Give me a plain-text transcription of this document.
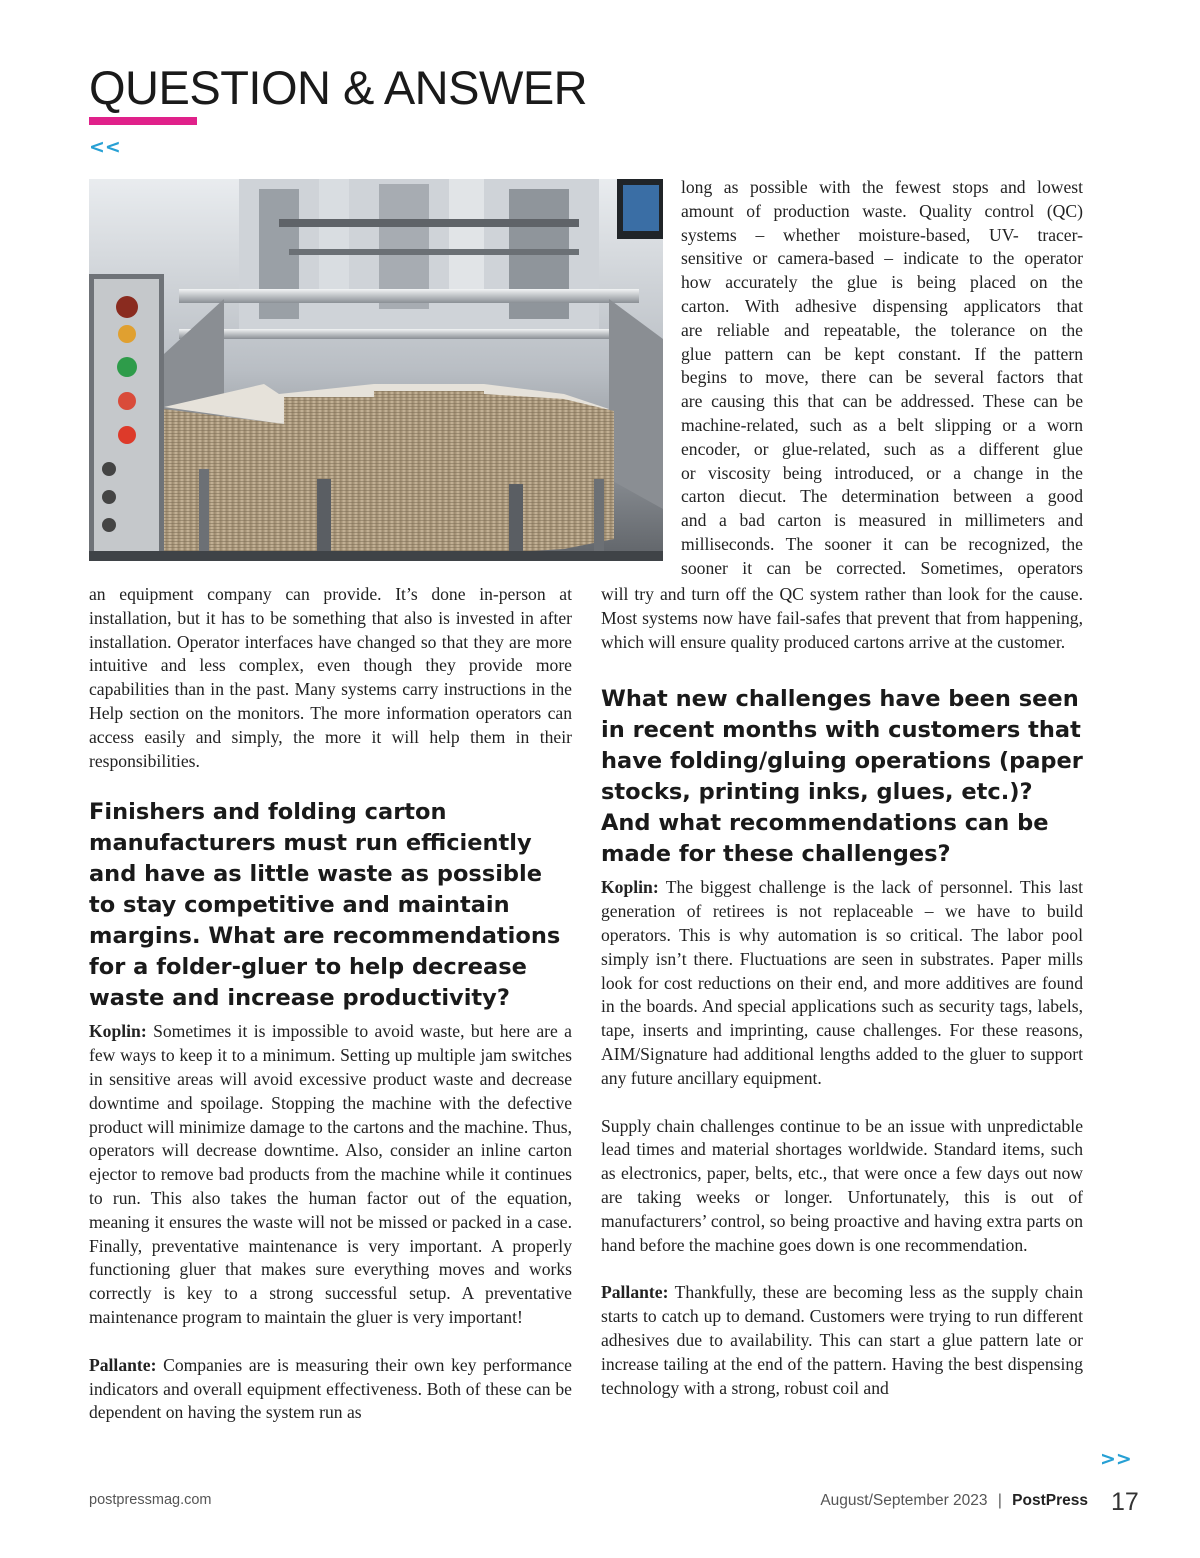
QUESTION & ANSWER
<<

long as possible with the fewest stops and lowest

amount of production waste. Quality control (QC)

systems – whether moisture-based, UV- tracer-

sensitive or camera-based – indicate to the operator

how accurately the glue is being placed on the

carton. With adhesive dispensing applicators that

are reliable and repeatable, the tolerance on the

glue pattern can be kept constant. If the pattern

begins to move, there can be several factors that

are causing this that can be addressed. These can be

machine-related, such as a belt slipping or a worn

encoder, or glue-related, such as a different glue

or viscosity being introduced, or a change in the

carton diecut. The determination between a good

and a bad carton is measured in millimeters and

milliseconds. The sooner it can be recognized, the

sooner it can be corrected. Sometimes, operators

an equipment company can provide. It’s done in-person at installation, but it has to be something that also is invested in after installation. Operator interfaces have changed so that they are more intuitive and less complex, even though they provide more capabilities than in the past. Many systems carry instructions in the Help section on the monitors. The more information operators can access easily and simply, the more it will help them in their responsibilities.

Finishers and folding carton manufacturers must run efficiently and have as little waste as possible to stay competitive and maintain margins. What are recommendations for a folder-gluer to help decrease waste and increase productivity?

Koplin: Sometimes it is impossible to avoid waste, but here are a few ways to keep it to a minimum. Setting up multiple jam switches in sensitive areas will avoid excessive product waste and decrease downtime and spoilage. Stopping the machine with the defective product will minimize damage to the cartons and the machine. Thus, operators will decrease downtime. Also, consider an inline carton ejector to remove bad products from the machine while it continues to run. This also takes the human factor out of the equation, meaning it ensures the waste will not be missed or packed in a case. Finally, preventative maintenance is very important. A properly functioning gluer that makes sure everything moves and works correctly is key to a strong successful setup. A preventative maintenance program to maintain the gluer is very important!

Pallante: Companies are is measuring their own key performance indicators and overall equipment effectiveness. Both of these can be dependent on having the system run as

will try and turn off the QC system rather than look for the cause. Most systems now have fail-safes that prevent that from happening, which will ensure quality produced cartons arrive at the customer.

What new challenges have been seen in recent months with customers that have folding/gluing operations (paper stocks, printing inks, glues, etc.)? And what recommendations can be made for these challenges?

Koplin: The biggest challenge is the lack of personnel. This last generation of retirees is not replaceable – we have to build operators. This is why automation is so critical. The labor pool simply isn’t there. Fluctuations are seen in substrates. Paper mills look for cost reductions on their end, and more additives are found in the boards. And special applications such as security tags, labels, tape, inserts and imprinting, cause challenges. For these reasons, AIM/Signature had additional lengths added to the gluer to support any future ancillary equipment.

Supply chain challenges continue to be an issue with unpredictable lead times and material shortages worldwide. Standard items, such as electronics, paper, belts, etc., that were once a few days out now are taking weeks or longer. Unfortunately, this is out of manufacturers’ control, so being proactive and having extra parts on hand before the machine goes down is one recommendation.

Pallante: Thankfully, these are becoming less as the supply chain starts to catch up to demand. Customers were trying to run different adhesives due to availability. This can start a glue pattern late or increase tailing at the end of the pattern. Having the best dispensing technology with a strong, robust coil and

>>
postpressmag.com	August/September 2023 | PostPress 17
